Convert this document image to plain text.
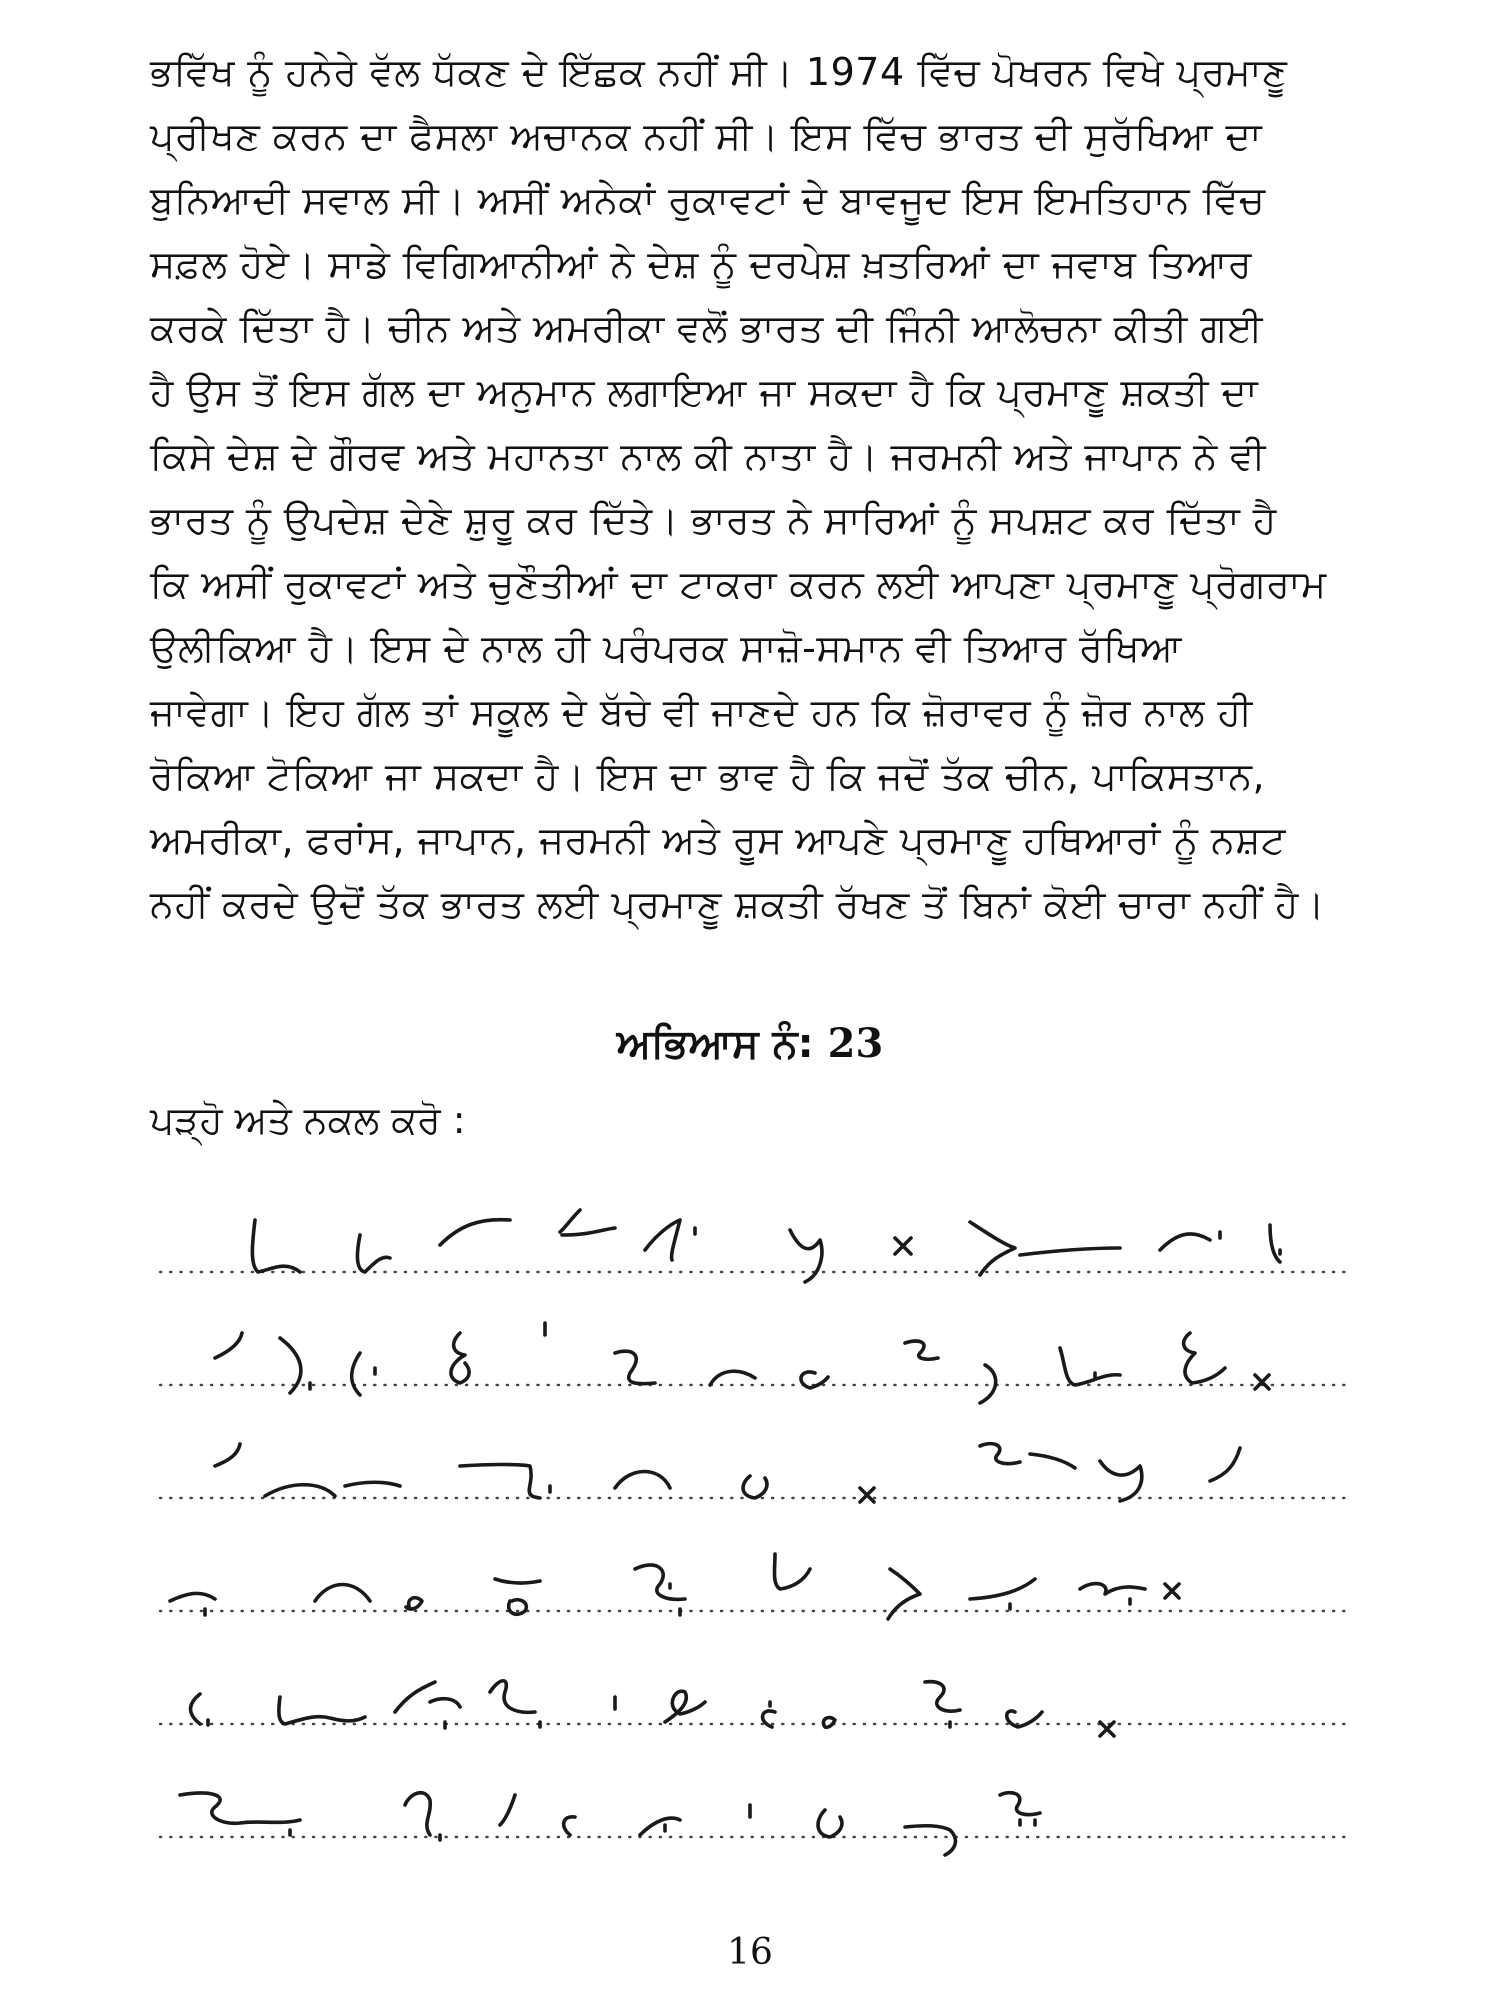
ਭਵਿੱਖ ਨੂੰ ਹਨੇਰੇ ਵੱਲ ਧੱਕਣ ਦੇ ਇੱਛਕ ਨਹੀਂ ਸੀ। 1974 ਵਿੱਚ ਪੋਖਰਨ ਵਿਖੇ ਪ੍ਰਮਾਣੂ
ਪ੍ਰੀਖਣ ਕਰਨ ਦਾ ਫੈਸਲਾ ਅਚਾਨਕ ਨਹੀਂ ਸੀ। ਇਸ ਵਿੱਚ ਭਾਰਤ ਦੀ ਸੁਰੱਖਿਆ ਦਾ
ਬੁਨਿਆਦੀ ਸਵਾਲ ਸੀ। ਅਸੀਂ ਅਨੇਕਾਂ ਰੁਕਾਵਟਾਂ ਦੇ ਬਾਵਜੂਦ ਇਸ ਇਮਤਿਹਾਨ ਵਿੱਚ
ਸਫ਼ਲ ਹੋਏ। ਸਾਡੇ ਵਿਗਿਆਨੀਆਂ ਨੇ ਦੇਸ਼ ਨੂੰ ਦਰਪੇਸ਼ ਖ਼ਤਰਿਆਂ ਦਾ ਜਵਾਬ ਤਿਆਰ
ਕਰਕੇ ਦਿੱਤਾ ਹੈ। ਚੀਨ ਅਤੇ ਅਮਰੀਕਾ ਵਲੋਂ ਭਾਰਤ ਦੀ ਜਿੰਨੀ ਆਲੋਚਨਾ ਕੀਤੀ ਗਈ
ਹੈ ਉਸ ਤੋਂ ਇਸ ਗੱਲ ਦਾ ਅਨੁਮਾਨ ਲਗਾਇਆ ਜਾ ਸਕਦਾ ਹੈ ਕਿ ਪ੍ਰਮਾਣੂ ਸ਼ਕਤੀ ਦਾ
ਕਿਸੇ ਦੇਸ਼ ਦੇ ਗੌਰਵ ਅਤੇ ਮਹਾਨਤਾ ਨਾਲ ਕੀ ਨਾਤਾ ਹੈ। ਜਰਮਨੀ ਅਤੇ ਜਾਪਾਨ ਨੇ ਵੀ
ਭਾਰਤ ਨੂੰ ਉਪਦੇਸ਼ ਦੇਣੇ ਸ਼ੁਰੂ ਕਰ ਦਿੱਤੇ। ਭਾਰਤ ਨੇ ਸਾਰਿਆਂ ਨੂੰ ਸਪਸ਼ਟ ਕਰ ਦਿੱਤਾ ਹੈ
ਕਿ ਅਸੀਂ ਰੁਕਾਵਟਾਂ ਅਤੇ ਚੁਣੌਤੀਆਂ ਦਾ ਟਾਕਰਾ ਕਰਨ ਲਈ ਆਪਣਾ ਪ੍ਰਮਾਣੂ ਪ੍ਰੋਗਰਾਮ
ਉਲੀਕਿਆ ਹੈ। ਇਸ ਦੇ ਨਾਲ ਹੀ ਪਰੰਪਰਕ ਸਾਜ਼ੋ-ਸਮਾਨ ਵੀ ਤਿਆਰ ਰੱਖਿਆ
ਜਾਵੇਗਾ। ਇਹ ਗੱਲ ਤਾਂ ਸਕੂਲ ਦੇ ਬੱਚੇ ਵੀ ਜਾਣਦੇ ਹਨ ਕਿ ਜ਼ੋਰਾਵਰ ਨੂੰ ਜ਼ੋਰ ਨਾਲ ਹੀ
ਰੋਕਿਆ ਟੋਕਿਆ ਜਾ ਸਕਦਾ ਹੈ। ਇਸ ਦਾ ਭਾਵ ਹੈ ਕਿ ਜਦੋਂ ਤੱਕ ਚੀਨ, ਪਾਕਿਸਤਾਨ,
ਅਮਰੀਕਾ, ਫਰਾਂਸ, ਜਾਪਾਨ, ਜਰਮਨੀ ਅਤੇ ਰੂਸ ਆਪਣੇ ਪ੍ਰਮਾਣੂ ਹਥਿਆਰਾਂ ਨੂੰ ਨਸ਼ਟ
ਨਹੀਂ ਕਰਦੇ ਉਦੋਂ ਤੱਕ ਭਾਰਤ ਲਈ ਪ੍ਰਮਾਣੂ ਸ਼ਕਤੀ ਰੱਖਣ ਤੋਂ ਬਿਨਾਂ ਕੋਈ ਚਾਰਾ ਨਹੀਂ ਹੈ।
ਅਭਿਆਸ ਨੰ: 23
ਪੜ੍ਹੋ ਅਤੇ ਨਕਲ ਕਰੋ :
16
